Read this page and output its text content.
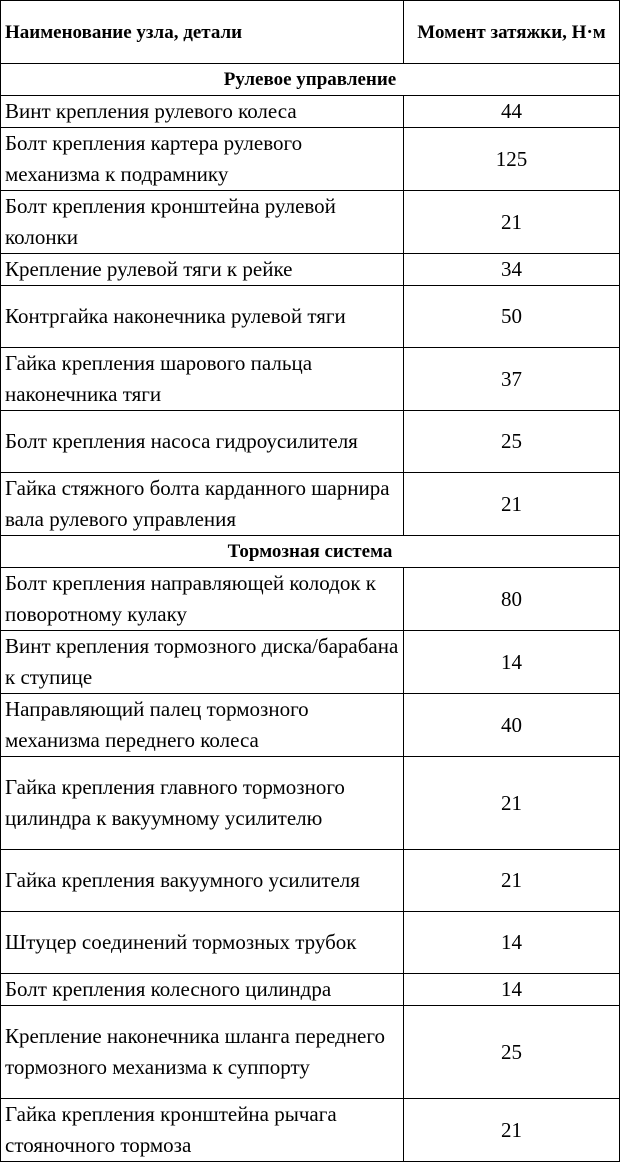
Наименование узла, детали	Момент затяжки, Н·м
Рулевое управление	
Винт крепления рулевого колеса	44
Болт крепления картера рулевого механизма к подрамнику	125
Болт крепления кронштейна рулевой колонки	21
Крепление рулевой тяги к рейке	34
Контргайка наконечника рулевой тяги	50
Гайка крепления шарового пальца наконечника тяги	37
Болт крепления насоса гидроусилителя	25
Гайка стяжного болта карданного шарнира вала рулевого управления	21
Тормозная система	
Болт крепления направляющей колодок к поворотному кулаку	80
Винт крепления тормозного диска/барабана к ступице	14
Направляющий палец тормозного механизма переднего колеса	40
Гайка крепления главного тормозного цилиндра к вакуумному усилителю	21
Гайка крепления вакуумного усилителя	21
Штуцер соединений тормозных трубок	14
Болт крепления колесного цилиндра	14
Крепление наконечника шланга переднего тормозного механизма к суппорту	25
Гайка крепления кронштейна рычага стояночного тормоза	21
